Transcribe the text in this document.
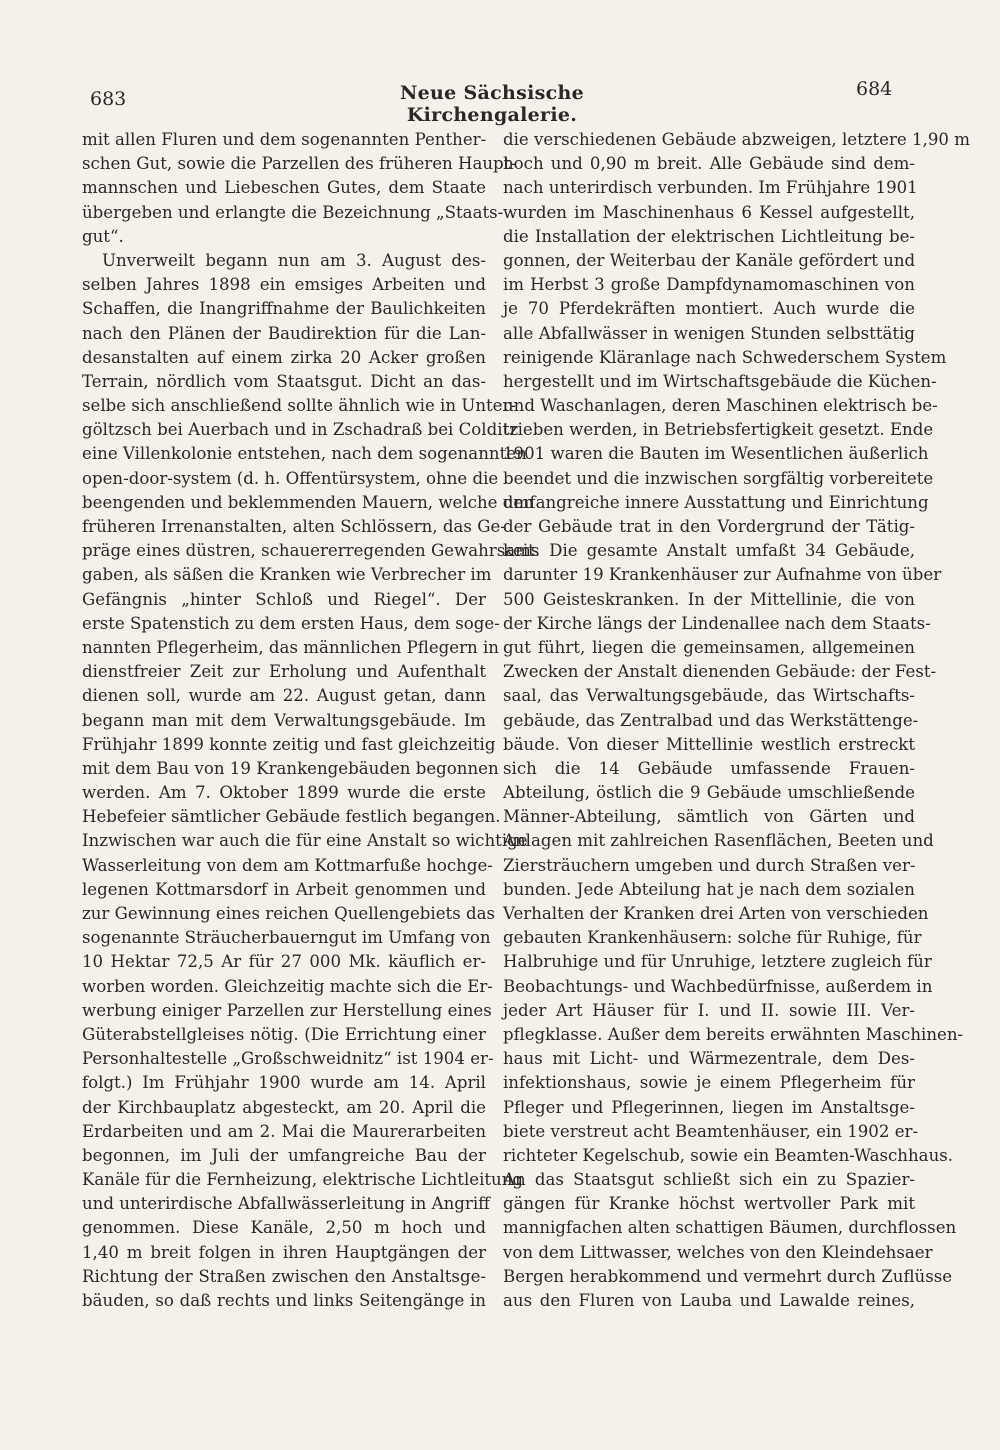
683	Neue Sächsische Kirchengalerie.
684
mit allen Fluren und dem sogenannten Penther-
schen Gut, sowie die Parzellen des früheren Haupt-
mannschen und Liebeschen Gutes, dem Staate
übergeben und erlangte die Bezeichnung „Staats-
gut“.
Unverweilt begann nun am 3. August des-
selben Jahres 1898 ein emsiges Arbeiten und
Schaffen, die Inangriffnahme der Baulichkeiten
nach den Plänen der Baudirektion für die Lan-
desanstalten auf einem zirka 20 Acker großen
Terrain, nördlich vom Staatsgut. Dicht an das-
selbe sich anschließend sollte ähnlich wie in Unter-
göltzsch bei Auerbach und in Zschadraß bei Colditz
eine Villenkolonie entstehen, nach dem sogenannten
open-door-system (d. h. Offentürsystem, ohne die
beengenden und beklemmenden Mauern, welche den
früheren Irrenanstalten, alten Schlössern, das Ge-
präge eines düstren, schauererregenden Gewahrsams
gaben, als säßen die Kranken wie Verbrecher im
Gefängnis „hinter Schloß und Riegel“. Der
erste Spatenstich zu dem ersten Haus, dem soge-
nannten Pflegerheim, das männlichen Pflegern in
dienstfreier Zeit zur Erholung und Aufenthalt
dienen soll, wurde am 22. August getan, dann
begann man mit dem Verwaltungsgebäude. Im
Frühjahr 1899 konnte zeitig und fast gleichzeitig
mit dem Bau von 19 Krankengebäuden begonnen
werden. Am 7. Oktober 1899 wurde die erste
Hebefeier sämtlicher Gebäude festlich begangen.
Inzwischen war auch die für eine Anstalt so wichtige
Wasserleitung von dem am Kottmarfuße hochge-
legenen Kottmarsdorf in Arbeit genommen und
zur Gewinnung eines reichen Quellengebiets das
sogenannte Sträucherbauerngut im Umfang von
10 Hektar 72,5 Ar für 27 000 Mk. käuflich er-
worben worden. Gleichzeitig machte sich die Er-
werbung einiger Parzellen zur Herstellung eines
Güterabstellgleises nötig. (Die Errichtung einer
Personhaltestelle „Großschweidnitz“ ist 1904 er-
folgt.) Im Frühjahr 1900 wurde am 14. April
der Kirchbauplatz abgesteckt, am 20. April die
Erdarbeiten und am 2. Mai die Maurerarbeiten
begonnen, im Juli der umfangreiche Bau der
Kanäle für die Fernheizung, elektrische Lichtleitung
und unterirdische Abfallwässerleitung in Angriff
genommen. Diese Kanäle, 2,50 m hoch und
1,40 m breit folgen in ihren Hauptgängen der
Richtung der Straßen zwischen den Anstaltsge-
bäuden, so daß rechts und links Seitengänge in
die verschiedenen Gebäude abzweigen, letztere 1,90 m
hoch und 0,90 m breit. Alle Gebäude sind dem-
nach unterirdisch verbunden. Im Frühjahre 1901
wurden im Maschinenhaus 6 Kessel aufgestellt,
die Installation der elektrischen Lichtleitung be-
gonnen, der Weiterbau der Kanäle gefördert und
im Herbst 3 große Dampfdynamomaschinen von
je 70 Pferdekräften montiert. Auch wurde die
alle Abfallwässer in wenigen Stunden selbsttätig
reinigende Kläranlage nach Schwederschem System
hergestellt und im Wirtschaftsgebäude die Küchen-
und Waschanlagen, deren Maschinen elektrisch be-
trieben werden, in Betriebsfertigkeit gesetzt. Ende
1901 waren die Bauten im Wesentlichen äußerlich
beendet und die inzwischen sorgfältig vorbereitete
umfangreiche innere Ausstattung und Einrichtung
der Gebäude trat in den Vordergrund der Tätig-
keit. Die gesamte Anstalt umfaßt 34 Gebäude,
darunter 19 Krankenhäuser zur Aufnahme von über
500 Geisteskranken. In der Mittellinie, die von
der Kirche längs der Lindenallee nach dem Staats-
gut führt, liegen die gemeinsamen, allgemeinen
Zwecken der Anstalt dienenden Gebäude: der Fest-
saal, das Verwaltungsgebäude, das Wirtschafts-
gebäude, das Zentralbad und das Werkstättenge-
bäude. Von dieser Mittellinie westlich erstreckt
sich die 14 Gebäude umfassende Frauen-
Abteilung, östlich die 9 Gebäude umschließende
Männer-Abteilung, sämtlich von Gärten und
Anlagen mit zahlreichen Rasenflächen, Beeten und
Ziersträuchern umgeben und durch Straßen ver-
bunden. Jede Abteilung hat je nach dem sozialen
Verhalten der Kranken drei Arten von verschieden
gebauten Krankenhäusern: solche für Ruhige, für
Halbruhige und für Unruhige, letztere zugleich für
Beobachtungs- und Wachbedürfnisse, außerdem in
jeder Art Häuser für I. und II. sowie III. Ver-
pflegklasse. Außer dem bereits erwähnten Maschinen-
haus mit Licht- und Wärmezentrale, dem Des-
infektionshaus, sowie je einem Pflegerheim für
Pfleger und Pflegerinnen, liegen im Anstaltsge-
biete verstreut acht Beamtenhäuser, ein 1902 er-
richteter Kegelschub, sowie ein Beamten-Waschhaus.
An das Staatsgut schließt sich ein zu Spazier-
gängen für Kranke höchst wertvoller Park mit
mannigfachen alten schattigen Bäumen, durchflossen
von dem Littwasser, welches von den Kleindehsaer
Bergen herabkommend und vermehrt durch Zuflüsse
aus den Fluren von Lauba und Lawalde reines,
